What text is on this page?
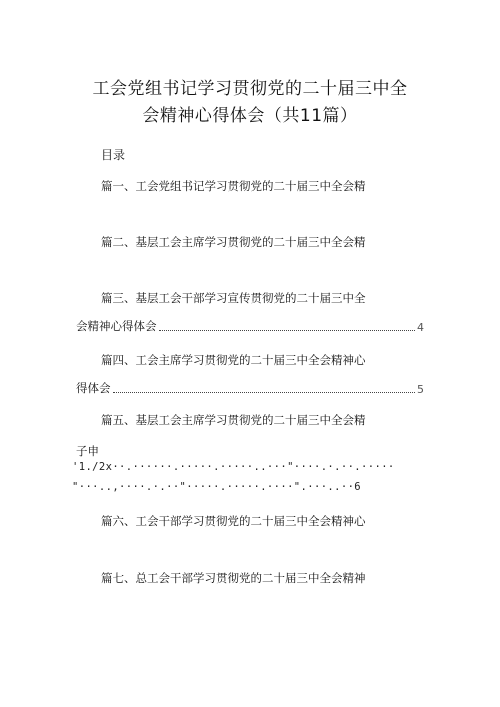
工会党组书记学习贯彻党的二十届三中全
会精神心得体会（共11篇）
目录
篇一、工会党组书记学习贯彻党的二十届三中全会精
篇二、基层工会主席学习贯彻党的二十届三中全会精
篇三、基层工会干部学习宣传贯彻党的二十届三中全
会精神心得体会	4
篇四、工会主席学习贯彻党的二十届三中全会精神心
得体会	5
篇五、基层工会主席学习贯彻党的二十届三中全会精
子申
'1./2x··.······.·····.·····..···"····.·.··.·····
"···..,····.·.··"·····.·····.····".···..··6
篇六、工会干部学习贯彻党的二十届三中全会精神心
篇七、总工会干部学习贯彻党的二十届三中全会精神
